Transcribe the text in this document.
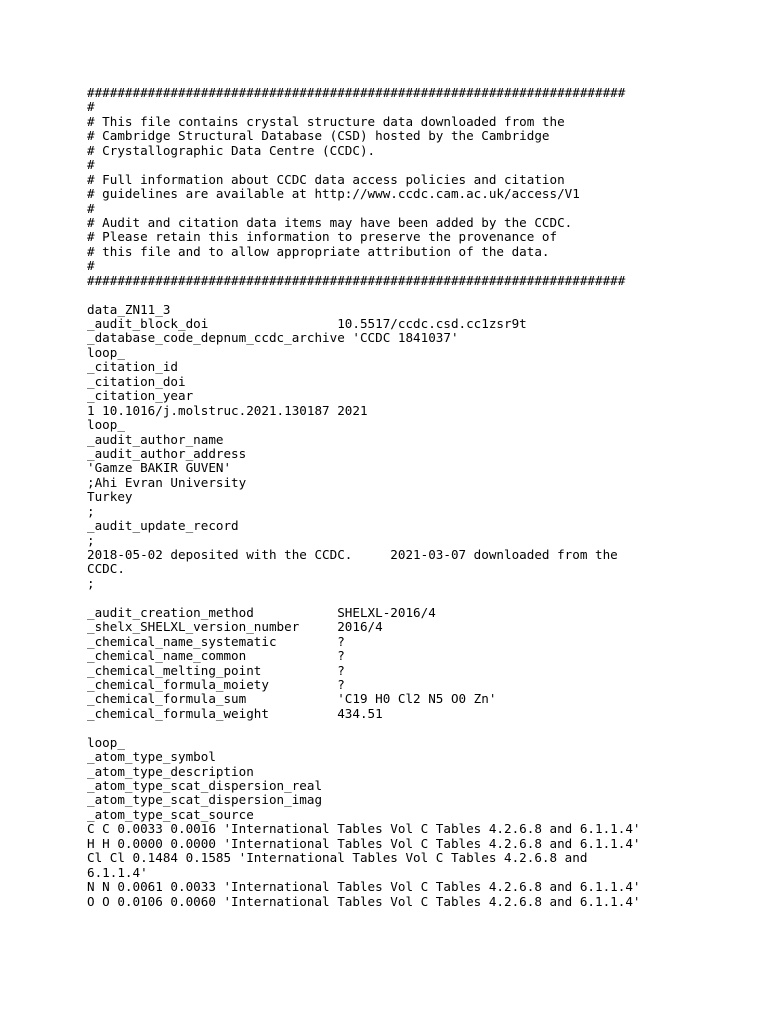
#######################################################################
#
# This file contains crystal structure data downloaded from the
# Cambridge Structural Database (CSD) hosted by the Cambridge
# Crystallographic Data Centre (CCDC).
#
# Full information about CCDC data access policies and citation
# guidelines are available at http://www.ccdc.cam.ac.uk/access/V1
#
# Audit and citation data items may have been added by the CCDC.
# Please retain this information to preserve the provenance of
# this file and to allow appropriate attribution of the data.
#
#######################################################################
data_ZN11_3
_audit_block_doi                 10.5517/ccdc.csd.cc1zsr9t
_database_code_depnum_ccdc_archive 'CCDC 1841037'
loop_
_citation_id
_citation_doi
_citation_year
1 10.1016/j.molstruc.2021.130187 2021
loop_
_audit_author_name
_audit_author_address
'Gamze BAKIR GUVEN'
;Ahi Evran University
Turkey
;
_audit_update_record
;
2018-05-02 deposited with the CCDC.     2021-03-07 downloaded from the
CCDC.
;
_audit_creation_method           SHELXL-2016/4
_shelx_SHELXL_version_number     2016/4
_chemical_name_systematic        ?
_chemical_name_common            ?
_chemical_melting_point          ?
_chemical_formula_moiety         ?
_chemical_formula_sum            'C19 H0 Cl2 N5 O0 Zn'
_chemical_formula_weight         434.51
loop_
_atom_type_symbol
_atom_type_description
_atom_type_scat_dispersion_real
_atom_type_scat_dispersion_imag
_atom_type_scat_source
C C 0.0033 0.0016 'International Tables Vol C Tables 4.2.6.8 and 6.1.1.4'
H H 0.0000 0.0000 'International Tables Vol C Tables 4.2.6.8 and 6.1.1.4'
Cl Cl 0.1484 0.1585 'International Tables Vol C Tables 4.2.6.8 and
6.1.1.4'
N N 0.0061 0.0033 'International Tables Vol C Tables 4.2.6.8 and 6.1.1.4'
O O 0.0106 0.0060 'International Tables Vol C Tables 4.2.6.8 and 6.1.1.4'
